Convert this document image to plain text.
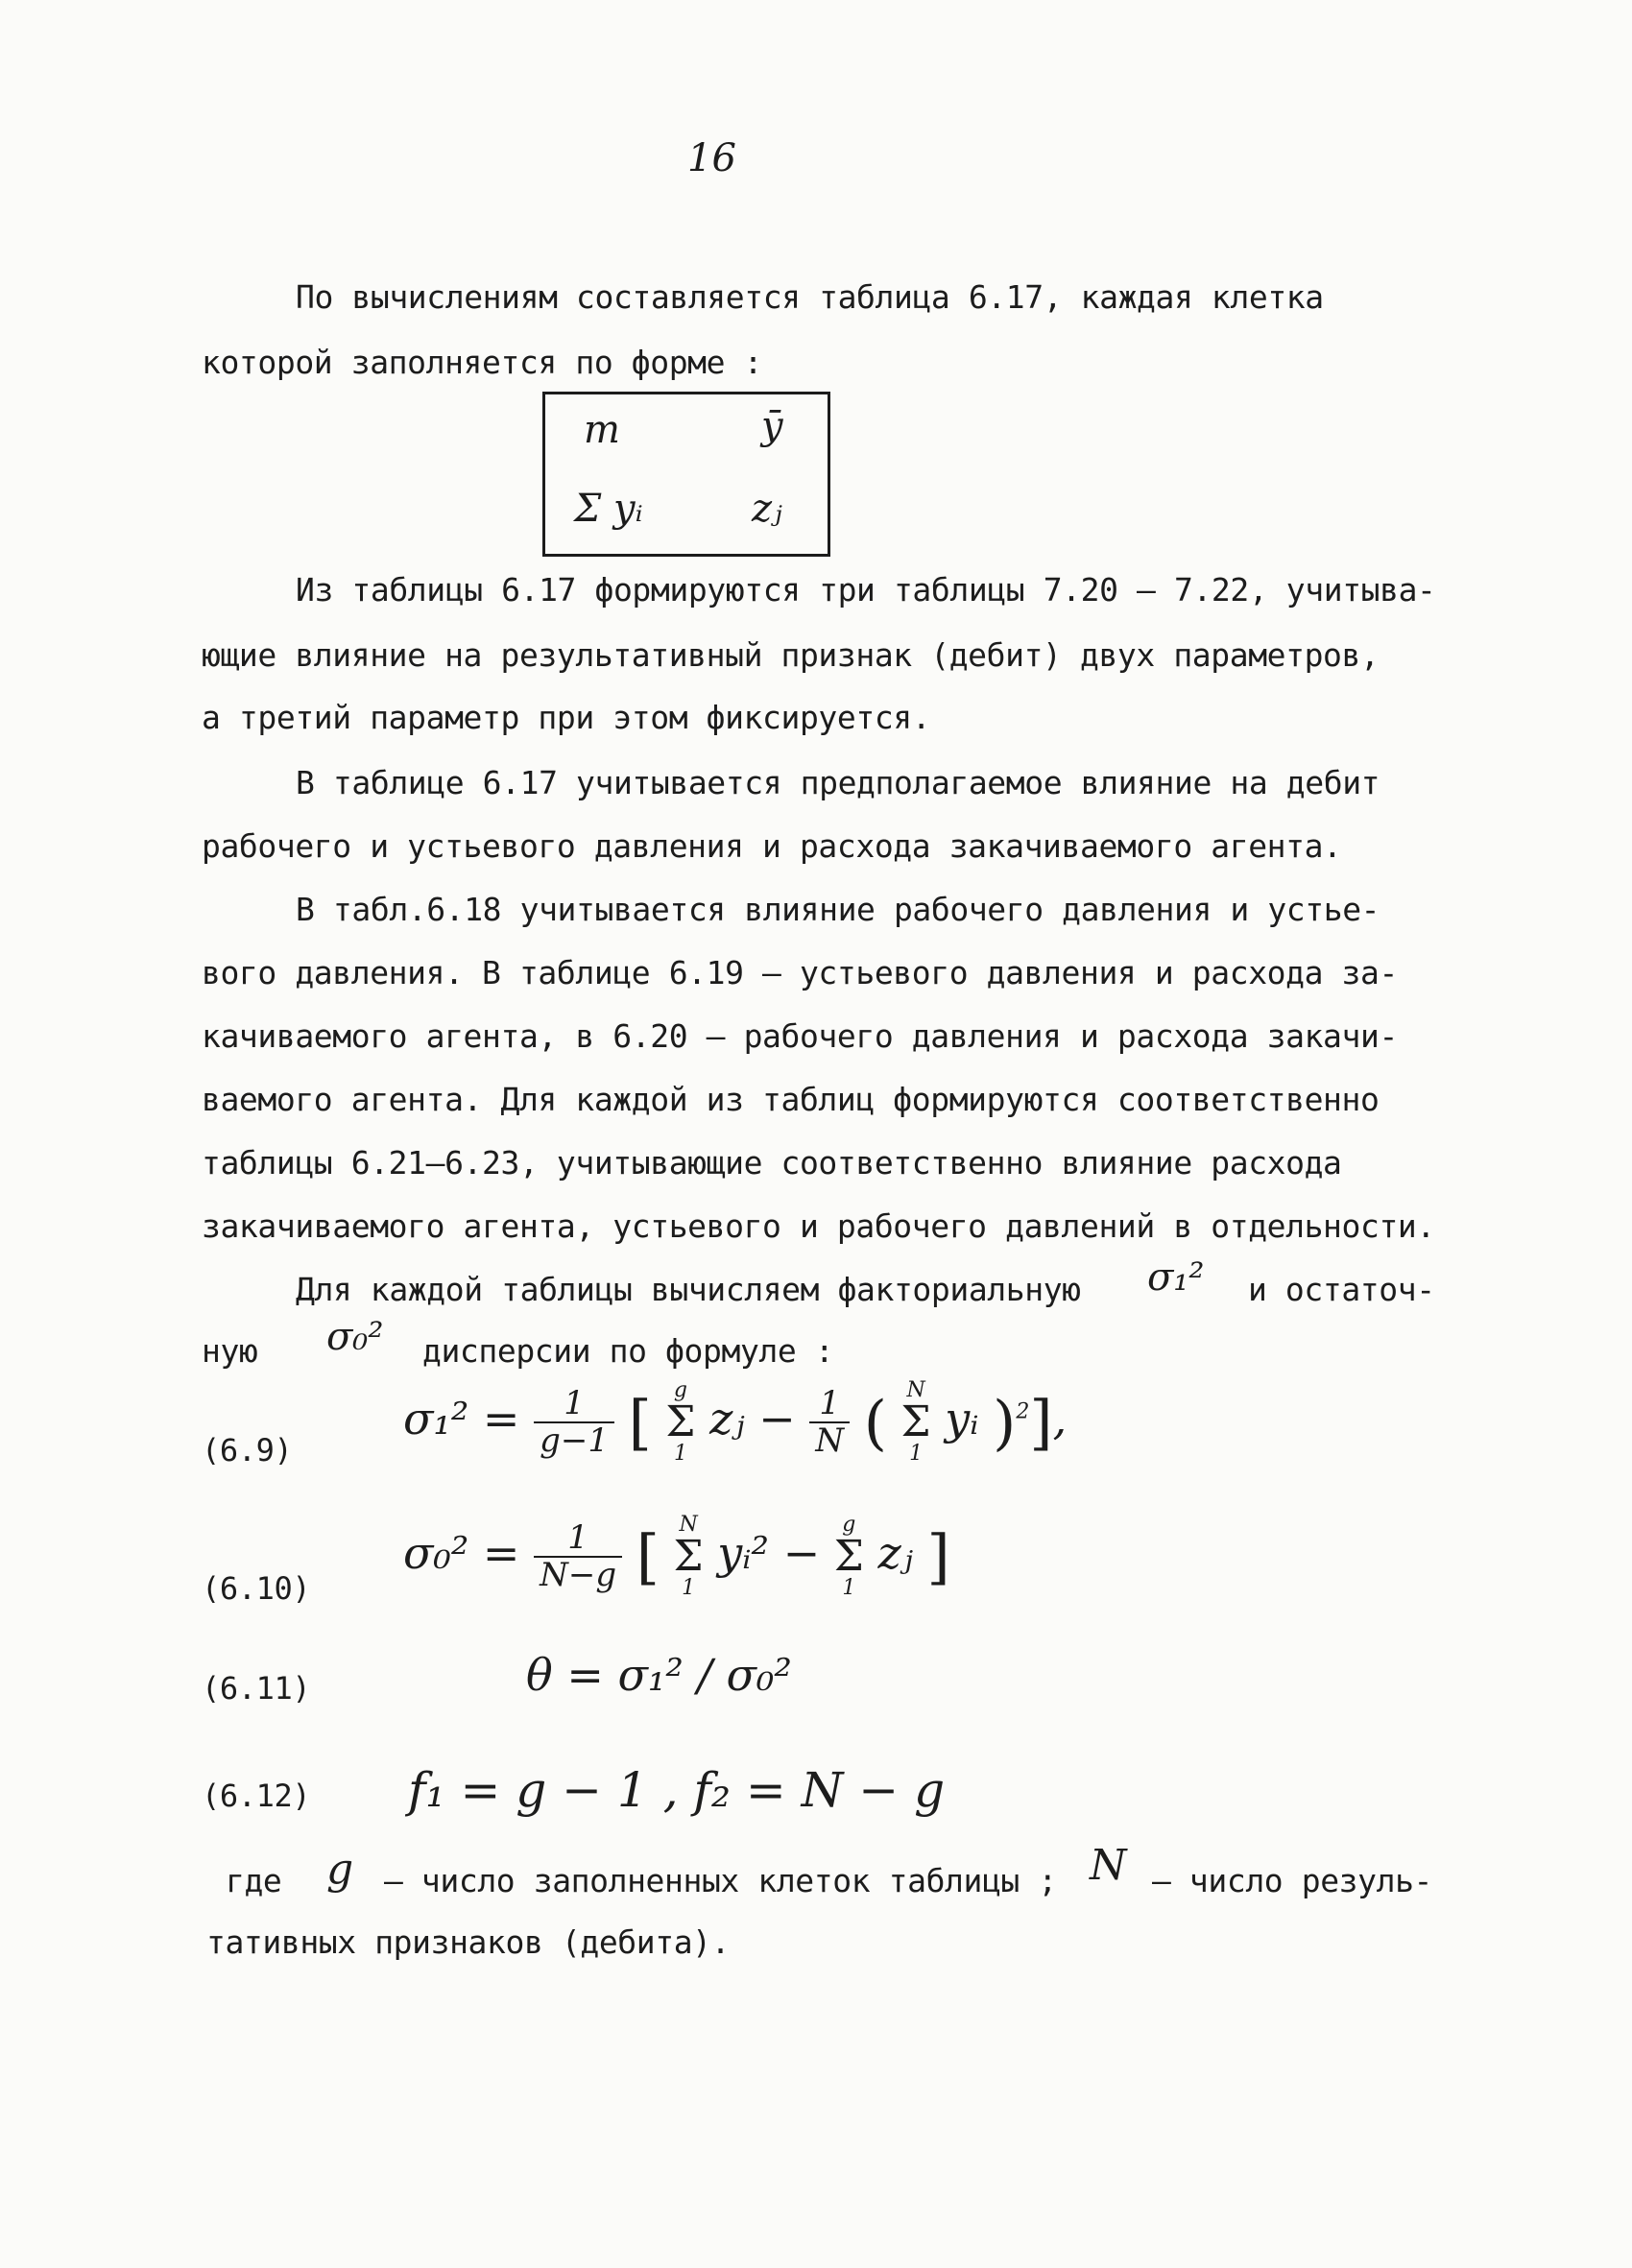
16
По вычислениям составляется таблица 6.17, каждая клетка
которой заполняется по форме :
m	ȳ
Σ yᵢ	zⱼ
Из таблицы 6.17 формируются три таблицы 7.20 – 7.22, учитыва-
ющие влияние на результативный признак (дебит) двух параметров,
а третий параметр при этом фиксируется.
В таблице 6.17 учитывается предполагаемое влияние на дебит
рабочего и устьевого давления и расхода закачиваемого агента.
В табл.6.18 учитывается влияние рабочего давления и устье-
вого давления. В таблице 6.19 – устьевого давления и расхода за-
качиваемого агента, в 6.20 – рабочего давления и расхода закачи-
ваемого агента. Для каждой из таблиц формируются соответственно
таблицы 6.21–6.23, учитывающие соответственно влияние расхода
закачиваемого агента, устьевого и рабочего давлений в отдельности.
Для каждой таблицы вычисляем факториальную σ₁² и остаточ-
ную σ₀² дисперсии по формуле :
$\sigma_1^2 = \frac{1}{g-1}$ [ g
Σ
1 zⱼ − $\frac{1}{N}$ ( N
Σ
1 yᵢ )$^2$],
(6.9)
$\sigma_0^2 = \frac{1}{N-g}$ [ N
Σ
1 yᵢ² − g
Σ
1 zⱼ ]
(6.10)
θ = σ₁² / σ₀²
(6.11)
f₁ = g − 1 , f₂ = N − g
(6.12)
где g – число заполненных клеток таблицы ; N – число резуль-
тативных признаков (дебита).
